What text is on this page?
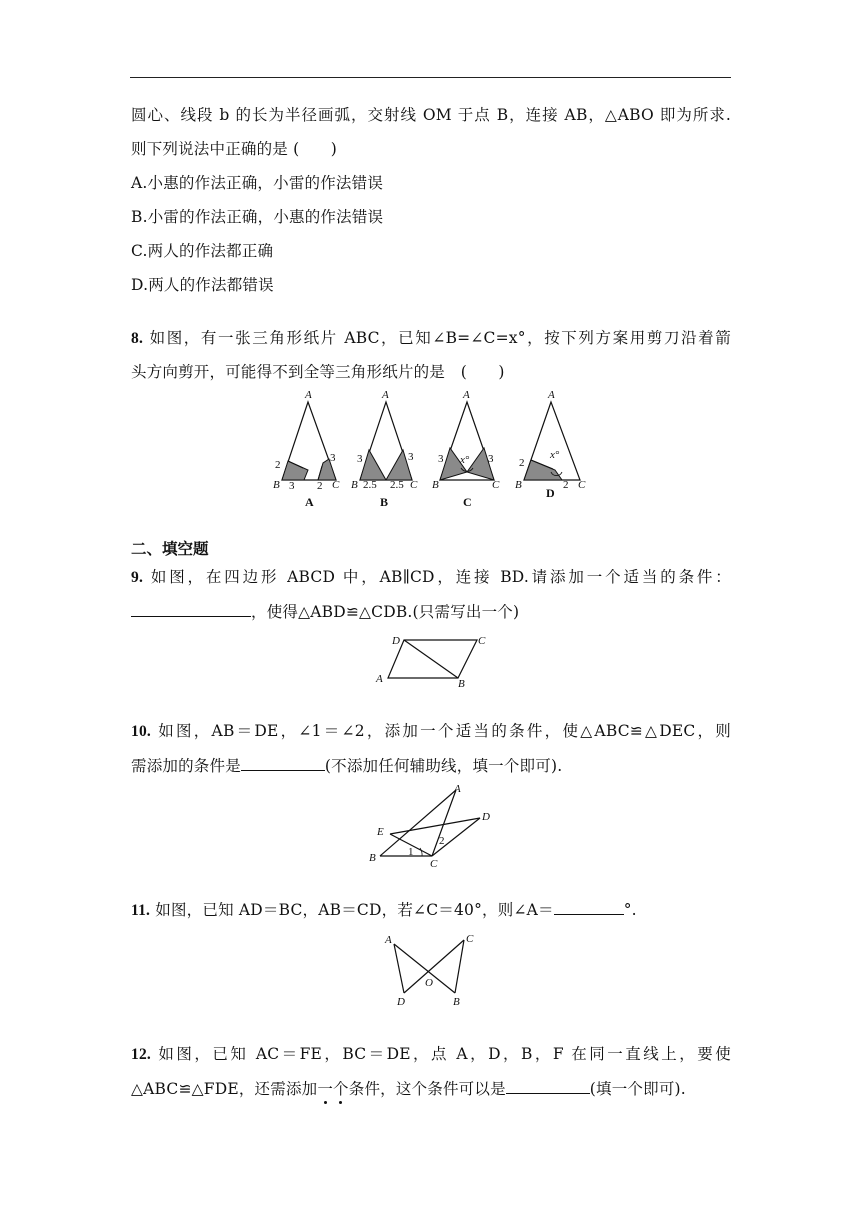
圆心、线段 b 的长为半径画弧，交射线 OM 于点 B，连接 AB，△ABO 即为所求.
则下列说法中正确的是 (　　)
A.小惠的作法正确，小雷的作法错误
B.小雷的作法正确，小惠的作法错误
C.两人的作法都正确
D.两人的作法都错误
8. 如图，有一张三角形纸片 ABC，已知∠B=∠C=x°，按下列方案用剪刀沿着箭
头方向剪开，可能得不到全等三角形纸片的是　(　　)
A
B	C
2
3 2
3
A
A
B	C
3	3
2.5 2.5
B
A
B	C
3	3
x°
C
A
B	C
2
2
x°
D
二、填空题
9. 如图，在四边形 ABCD 中，AB∥CD，连接 BD.请添加一个适当的条件：
，使得△ABD≌△CDB.(只需写出一个)
A	B
C
D
10. 如图，AB＝DE，∠1＝∠2，添加一个适当的条件，使△ABC≌△DEC，则
需添加的条件是	(不添加任何辅助线，填一个即可).
A
B	C
D
E
1
2
11. 如图，已知 AD＝BC，AB＝CD，若∠C＝40°，则∠A＝	°.
A
B
C
D
O
12. 如图，已知 AC＝FE，BC＝DE，点 A，D，B，F 在同一直线上，要使
△ABC≌△FDE，还需添加一个
条件，这个条件可以是	(填一个即可).
